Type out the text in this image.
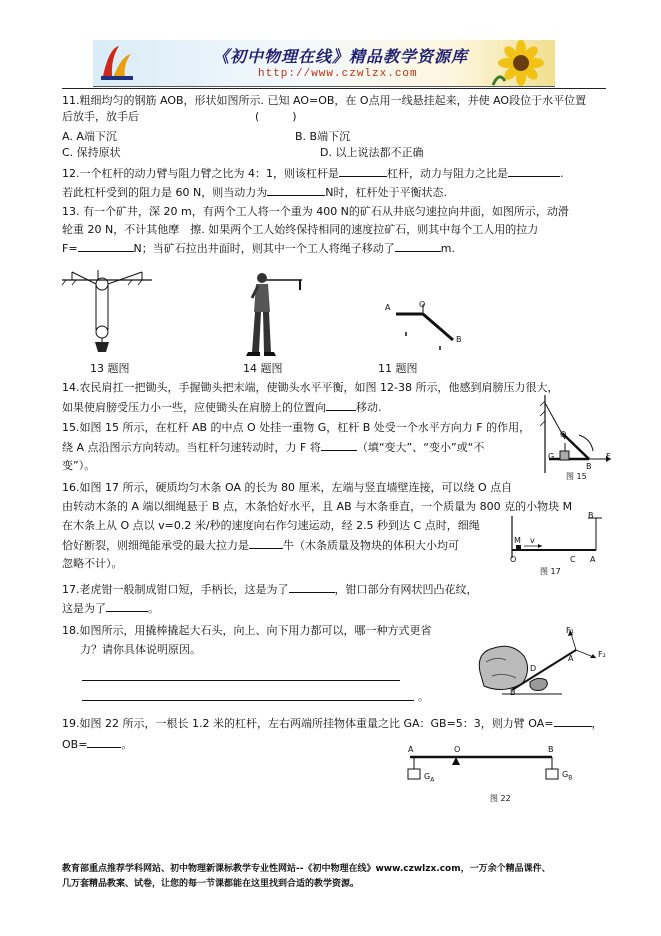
《初中物理在线》精品教学资源库
http://www.czwlzx.com
11.粗细均匀的钢筋 AOB，形状如图所示. 已知 AO=OB，在 O点用一线悬挂起来，并使 AO段位于水平位置
后放手，放手后	(　　　)
A. A端下沉	B. B端下沉
C. 保持原状	D. 以上说法都不正确
12.一个杠杆的动力臂与阻力臂之比为 4：1，则该杠杆是	杠杆，动力与阻力之比是	.
若此杠杆受到的阻力是 60 N，则当动力为	N时，杠杆处于平衡状态.
13. 有一个矿井，深 20 m，有两个工人将一个重为 400 N的矿石从井底匀速拉向井面，如图所示，动滑
轮重 20 N，不计其他摩　擦. 如果两个工人始终保持相同的速度拉矿石，则其中每个工人用的拉力
F=	N；当矿石拉出井面时，则其中一个工人将绳子移动了	m.
13 题图	14 题图
A	O
B
11 题图
14.农民肩扛一把锄头，手握锄头把末端，使锄头水平平衡，如图 12-38 所示，他感到肩膀压力很大，
如果使肩膀受压力小一些，应使锄头在肩膀上的位置向	移动.
15.如图 15 所示，在杠杆 AB 的中点 O 处挂一重物 G，杠杆 B 处受一个水平方向力 F 的作用，
绕 A 点沿图示方向转动。当杠杆匀速转动时，力 F 将	（填“变大”、“变小”或“不
变”）。
O
G
B
F
图 15
16.如图 17 所示，硬质均匀木条 OA 的长为 80 厘米，左端与竖直墙壁连接，可以绕 O 点自
由转动木条的 A 端以细绳悬于 B 点，木条恰好水平，且 AB 与木条垂直，一个质量为 800 克的小物块 M
在木条上从 O 点以 v=0.2 米/秒的速度向右作匀速运动，经 2.5 秒到达 C 点时，细绳
恰好断裂，则细绳能承受的最大拉力是	牛（木条质量及物块的体积大小均可
忽略不计）。
B
M v
O	C A
图 17
17.老虎钳一般制成钳口短，手柄长，这是为了	，钳口部分有网状凹凸花纹，
这是为了	。
18.如图所示，用撬棒撬起大石头，向上、向下用力都可以，哪一种方式更省
力？请你具体说明原因。
。
F₁
F₂
A
D
B
19.如图 22 所示，一根长 1.2 米的杠杆，左右两端所挂物体重量之比 GA：GB=5：3，则力臂 OA=	，
OB=	。	A	O	B
$G_A$
$G_B$
图 22
教育部重点推荐学科网站、初中物理新课标教学专业性网站--《初中物理在线》www.czwlzx.com，一万余个精品课件、
几万套精品教案、试卷，让您的每一节课都能在这里找到合适的教学资源。
